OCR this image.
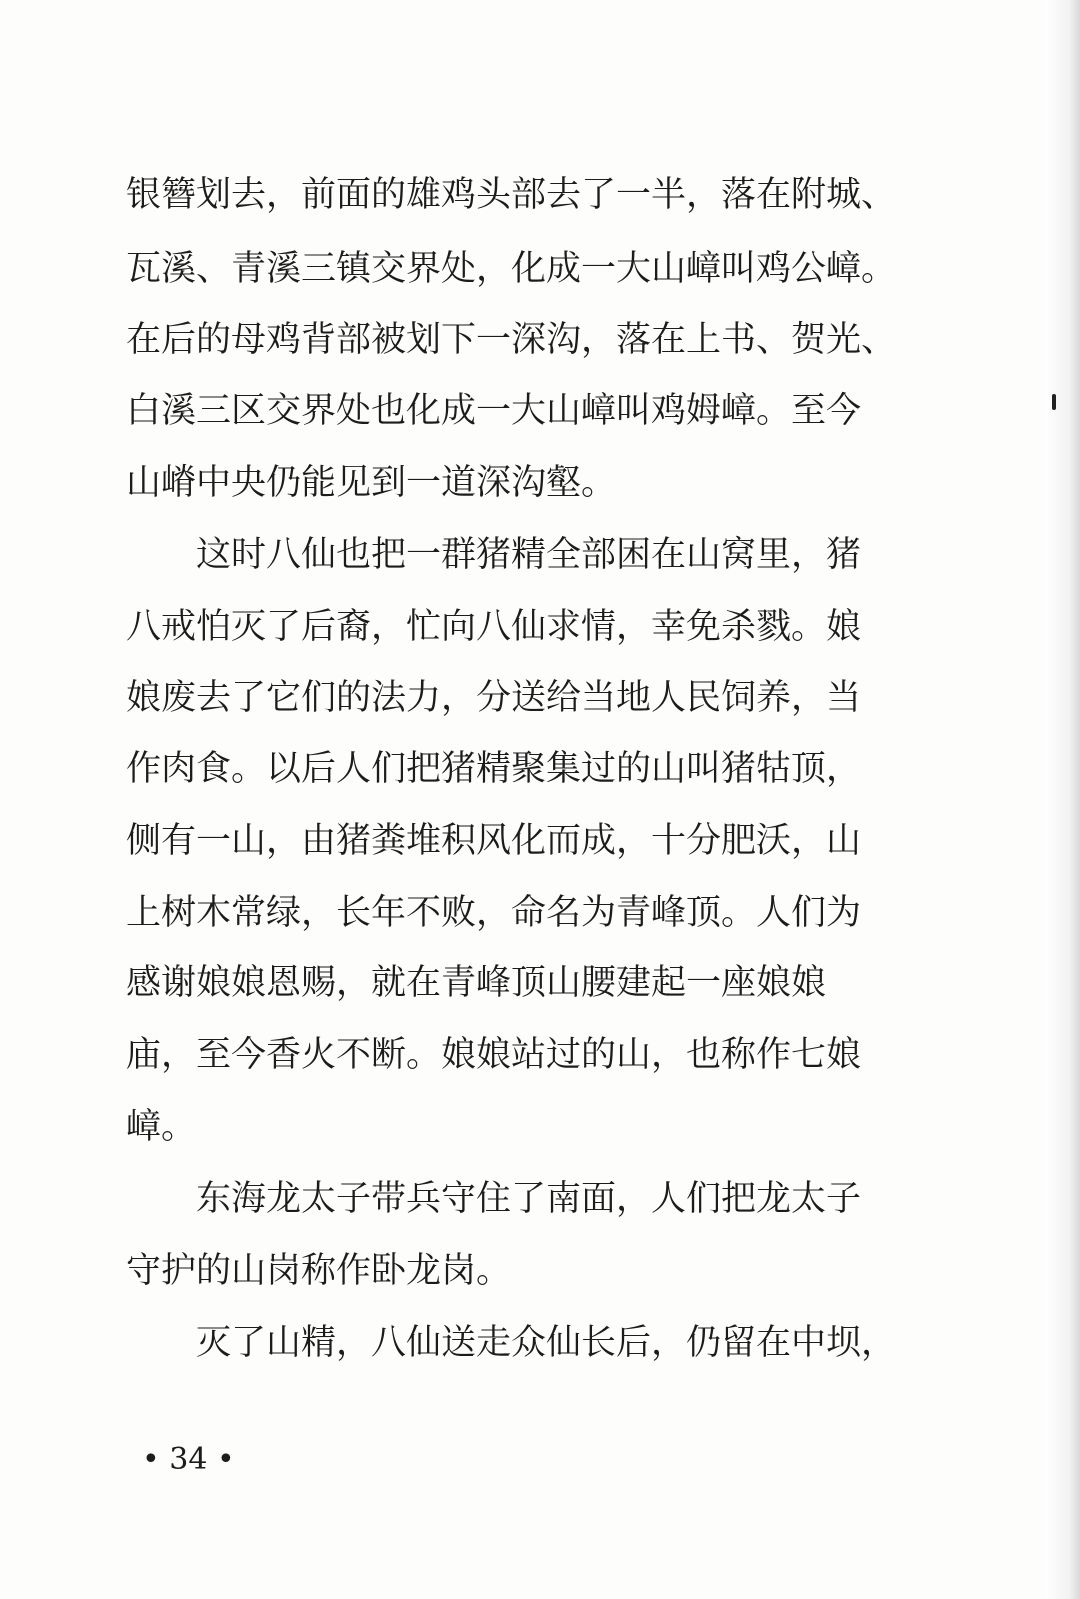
银簪划去，前面的雄鸡头部去了一半，落在附城、
瓦溪、青溪三镇交界处，化成一大山嶂叫鸡公嶂。
在后的母鸡背部被划下一深沟，落在上书、贺光、
白溪三区交界处也化成一大山嶂叫鸡姆嶂。至今
山嵴中央仍能见到一道深沟壑。
　　这时八仙也把一群猪精全部困在山窝里，猪
八戒怕灭了后裔，忙向八仙求情，幸免杀戮。娘
娘废去了它们的法力，分送给当地人民饲养，当
作肉食。以后人们把猪精聚集过的山叫猪牯顶，
侧有一山，由猪粪堆积风化而成，十分肥沃，山
上树木常绿，长年不败，命名为青峰顶。人们为
感谢娘娘恩赐，就在青峰顶山腰建起一座娘娘
庙，至今香火不断。娘娘站过的山，也称作七娘
嶂。
　　东海龙太子带兵守住了南面，人们把龙太子
守护的山岗称作卧龙岗。
　　灭了山精，八仙送走众仙长后，仍留在中坝，
• 34 •
